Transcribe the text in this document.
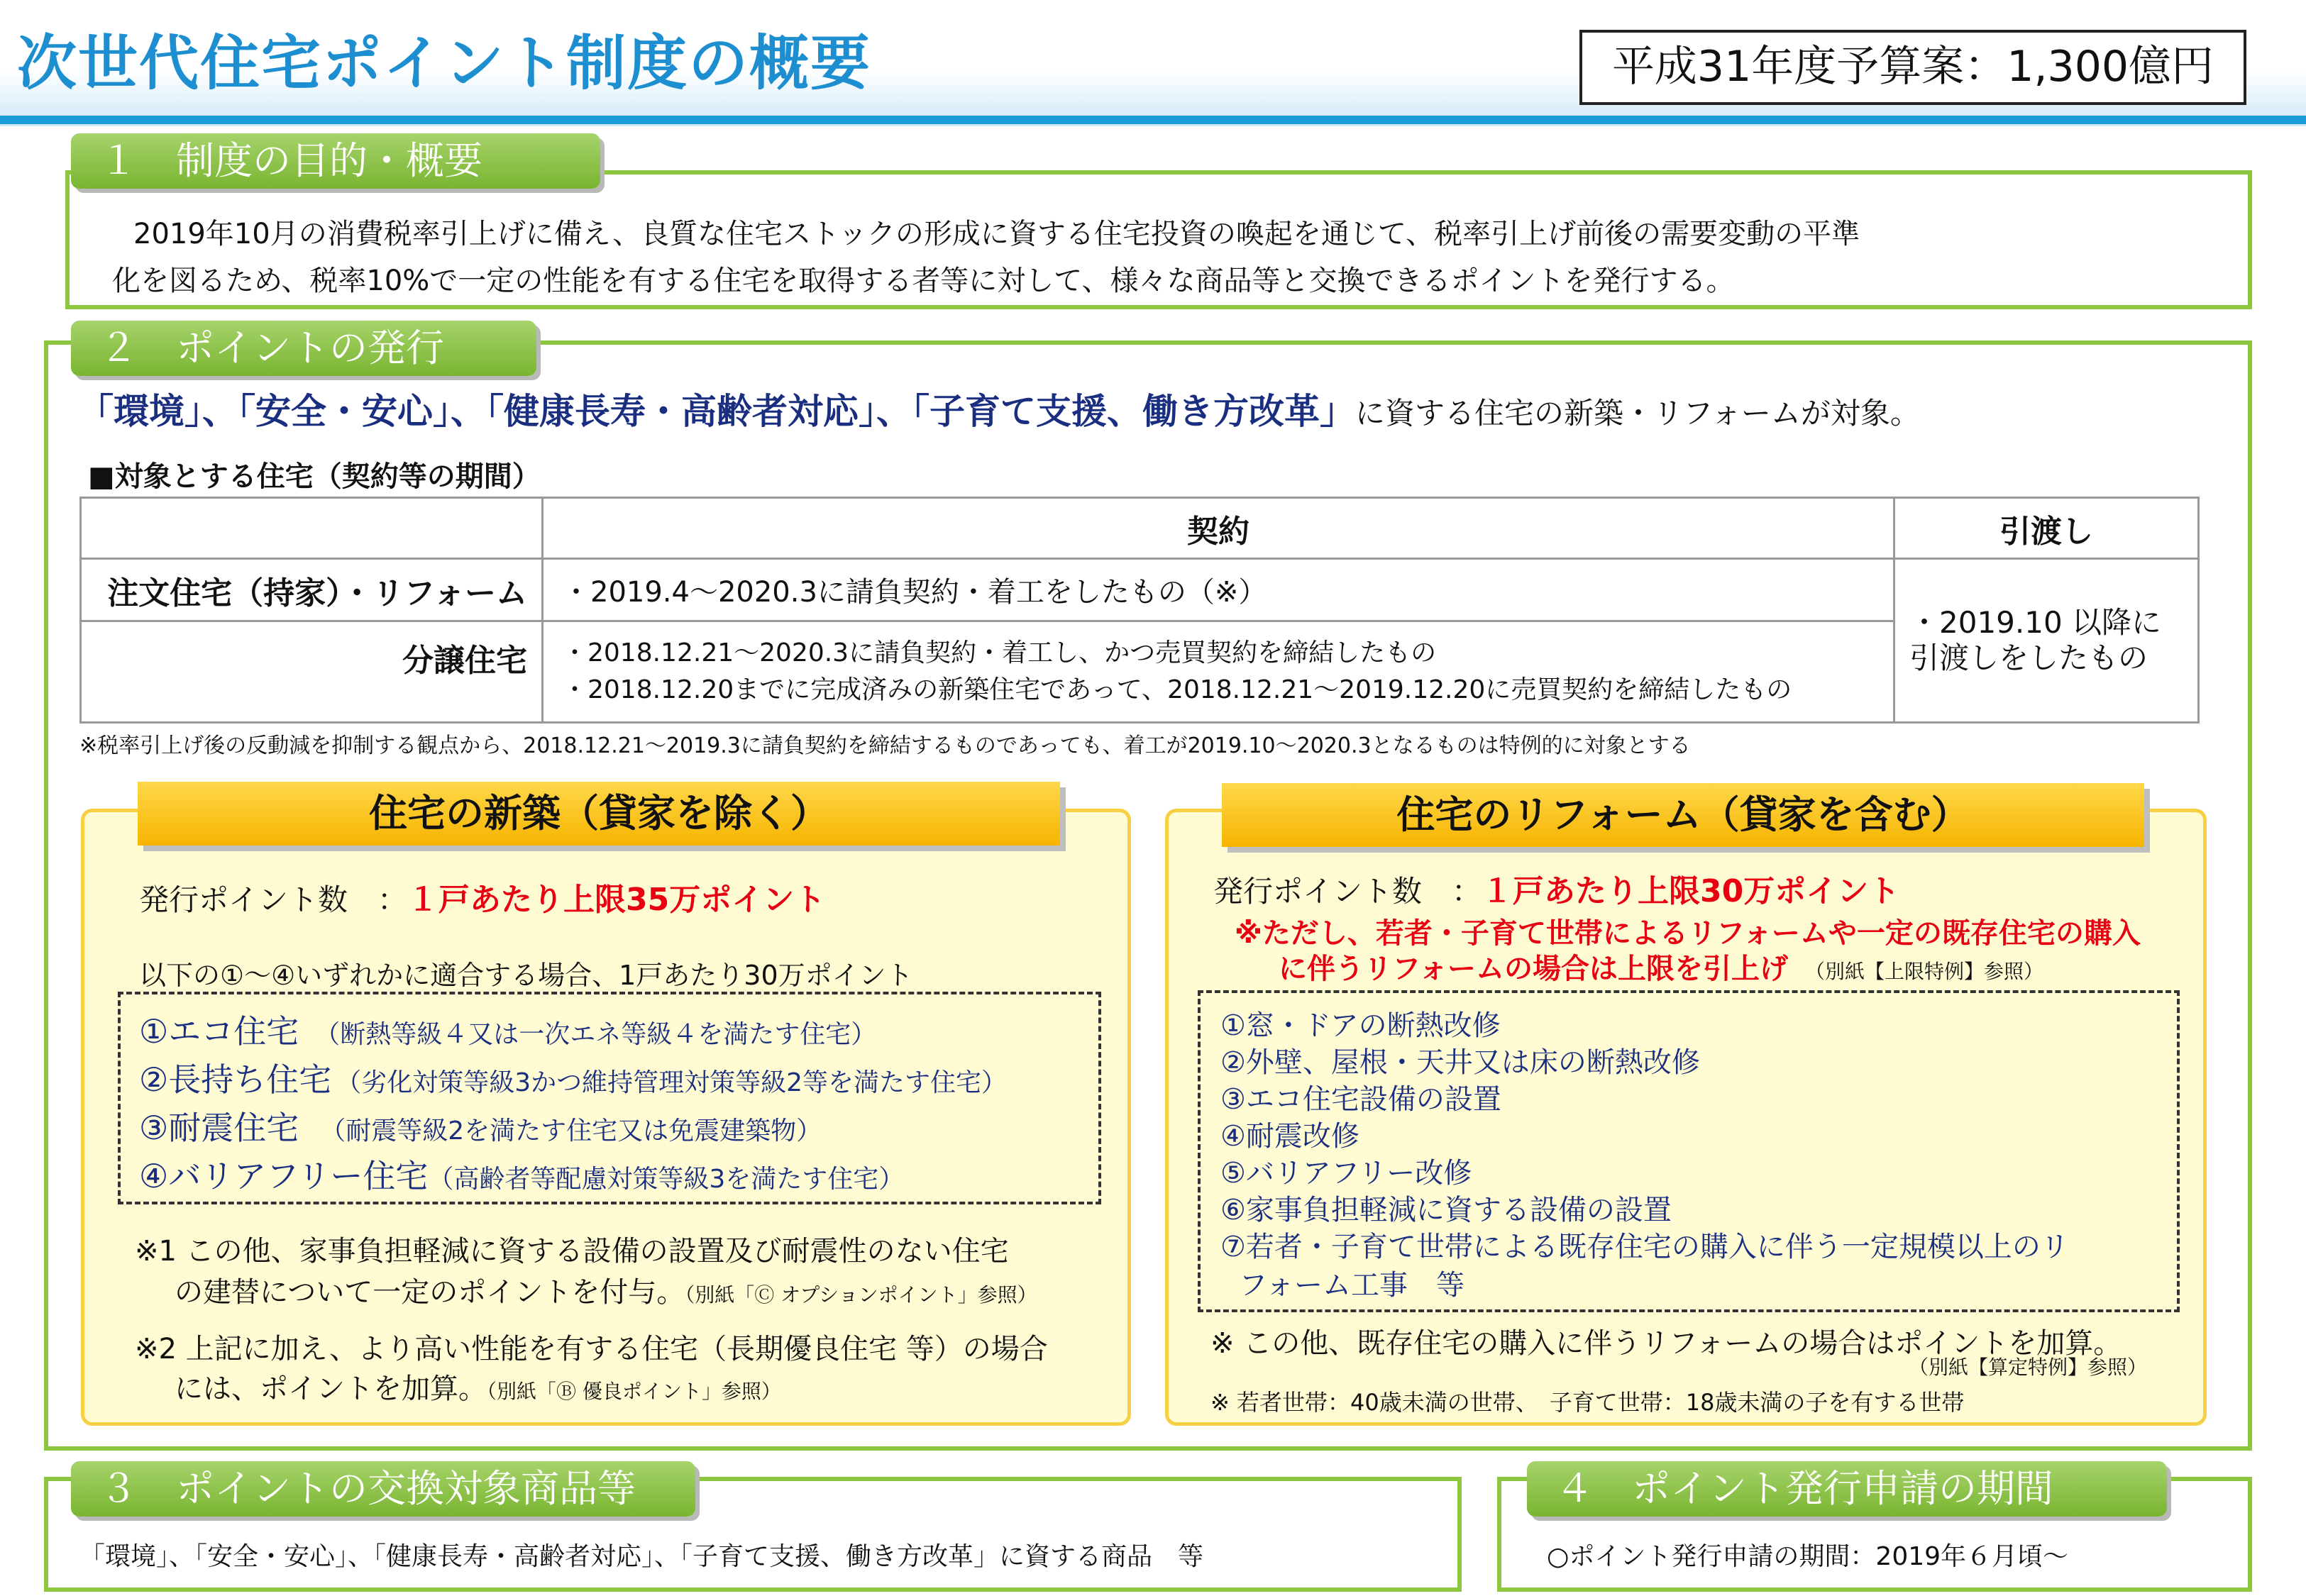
次世代住宅ポイント制度の概要	平成31年度予算案：1,300億円
１　制度の目的・概要
2019年10月の消費税率引上げに備え、良質な住宅ストックの形成に資する住宅投資の喚起を通じて、税率引上げ前後の需要変動の平準
化を図るため、税率10%で一定の性能を有する住宅を取得する者等に対して、様々な商品等と交換できるポイントを発行する。
２　ポイントの発行
「環境」、「安全・安心」、「健康長寿・高齢者対応」、「子育て支援、働き方改革」に資する住宅の新築・リフォームが対象。
■対象とする住宅（契約等の期間）
	契約	引渡し
注文住宅（持家）・リフォーム	・2019.4～2020.3に請負契約・着工をしたもの（※）	・2019.10 以降に
引渡しをしたもの

分譲住宅	・2018.12.21～2020.3に請負契約・着工し、かつ売買契約を締結したもの
・2018.12.20までに完成済みの新築住宅であって、2018.12.21～2019.12.20に売買契約を締結したもの	
※税率引上げ後の反動減を抑制する観点から、2018.12.21～2019.3に請負契約を締結するものであっても、着工が2019.10～2020.3となるものは特例的に対象とする
住宅の新築（貸家を除く）
発行ポイント数　：１戸あたり上限35万ポイント
以下の①～④いずれかに適合する場合、1戸あたり30万ポイント
①エコ住宅 （断熱等級４又は一次エネ等級４を満たす住宅）
②長持ち住宅 （劣化対策等級3かつ維持管理対策等級2等を満たす住宅）
③耐震住宅 （耐震等級2を満たす住宅又は免震建築物）
④バリアフリー住宅（高齢者等配慮対策等級3を満たす住宅）
※1 この他、家事負担軽減に資する設備の設置及び耐震性のない住宅
の建替について一定のポイントを付与。（別紙「Ⓒ オプションポイント」参照）
※2 上記に加え、より高い性能を有する住宅（長期優良住宅 等）の場合
には、ポイントを加算。（別紙「Ⓑ 優良ポイント」参照）
住宅のリフォーム（貸家を含む）
発行ポイント数　：１戸あたり上限30万ポイント
※ただし、若者・子育て世帯によるリフォームや一定の既存住宅の購入
に伴うリフォームの場合は上限を引上げ （別紙【上限特例】参照）
①窓・ドアの断熱改修
②外壁、屋根・天井又は床の断熱改修
③エコ住宅設備の設置
④耐震改修
⑤バリアフリー改修
⑥家事負担軽減に資する設備の設置
⑦若者・子育て世帯による既存住宅の購入に伴う一定規模以上のリ
フォーム工事　等
※ この他、既存住宅の購入に伴うリフォームの場合はポイントを加算。
（別紙【算定特例】参照）
※ 若者世帯：40歳未満の世帯、　子育て世帯：18歳未満の子を有する世帯
３　ポイントの交換対象商品等
「環境」、「安全・安心」、「健康長寿・高齢者対応」、「子育て支援、働き方改革」に資する商品　等
４　ポイント発行申請の期間
○ポイント発行申請の期間：2019年６月頃～
